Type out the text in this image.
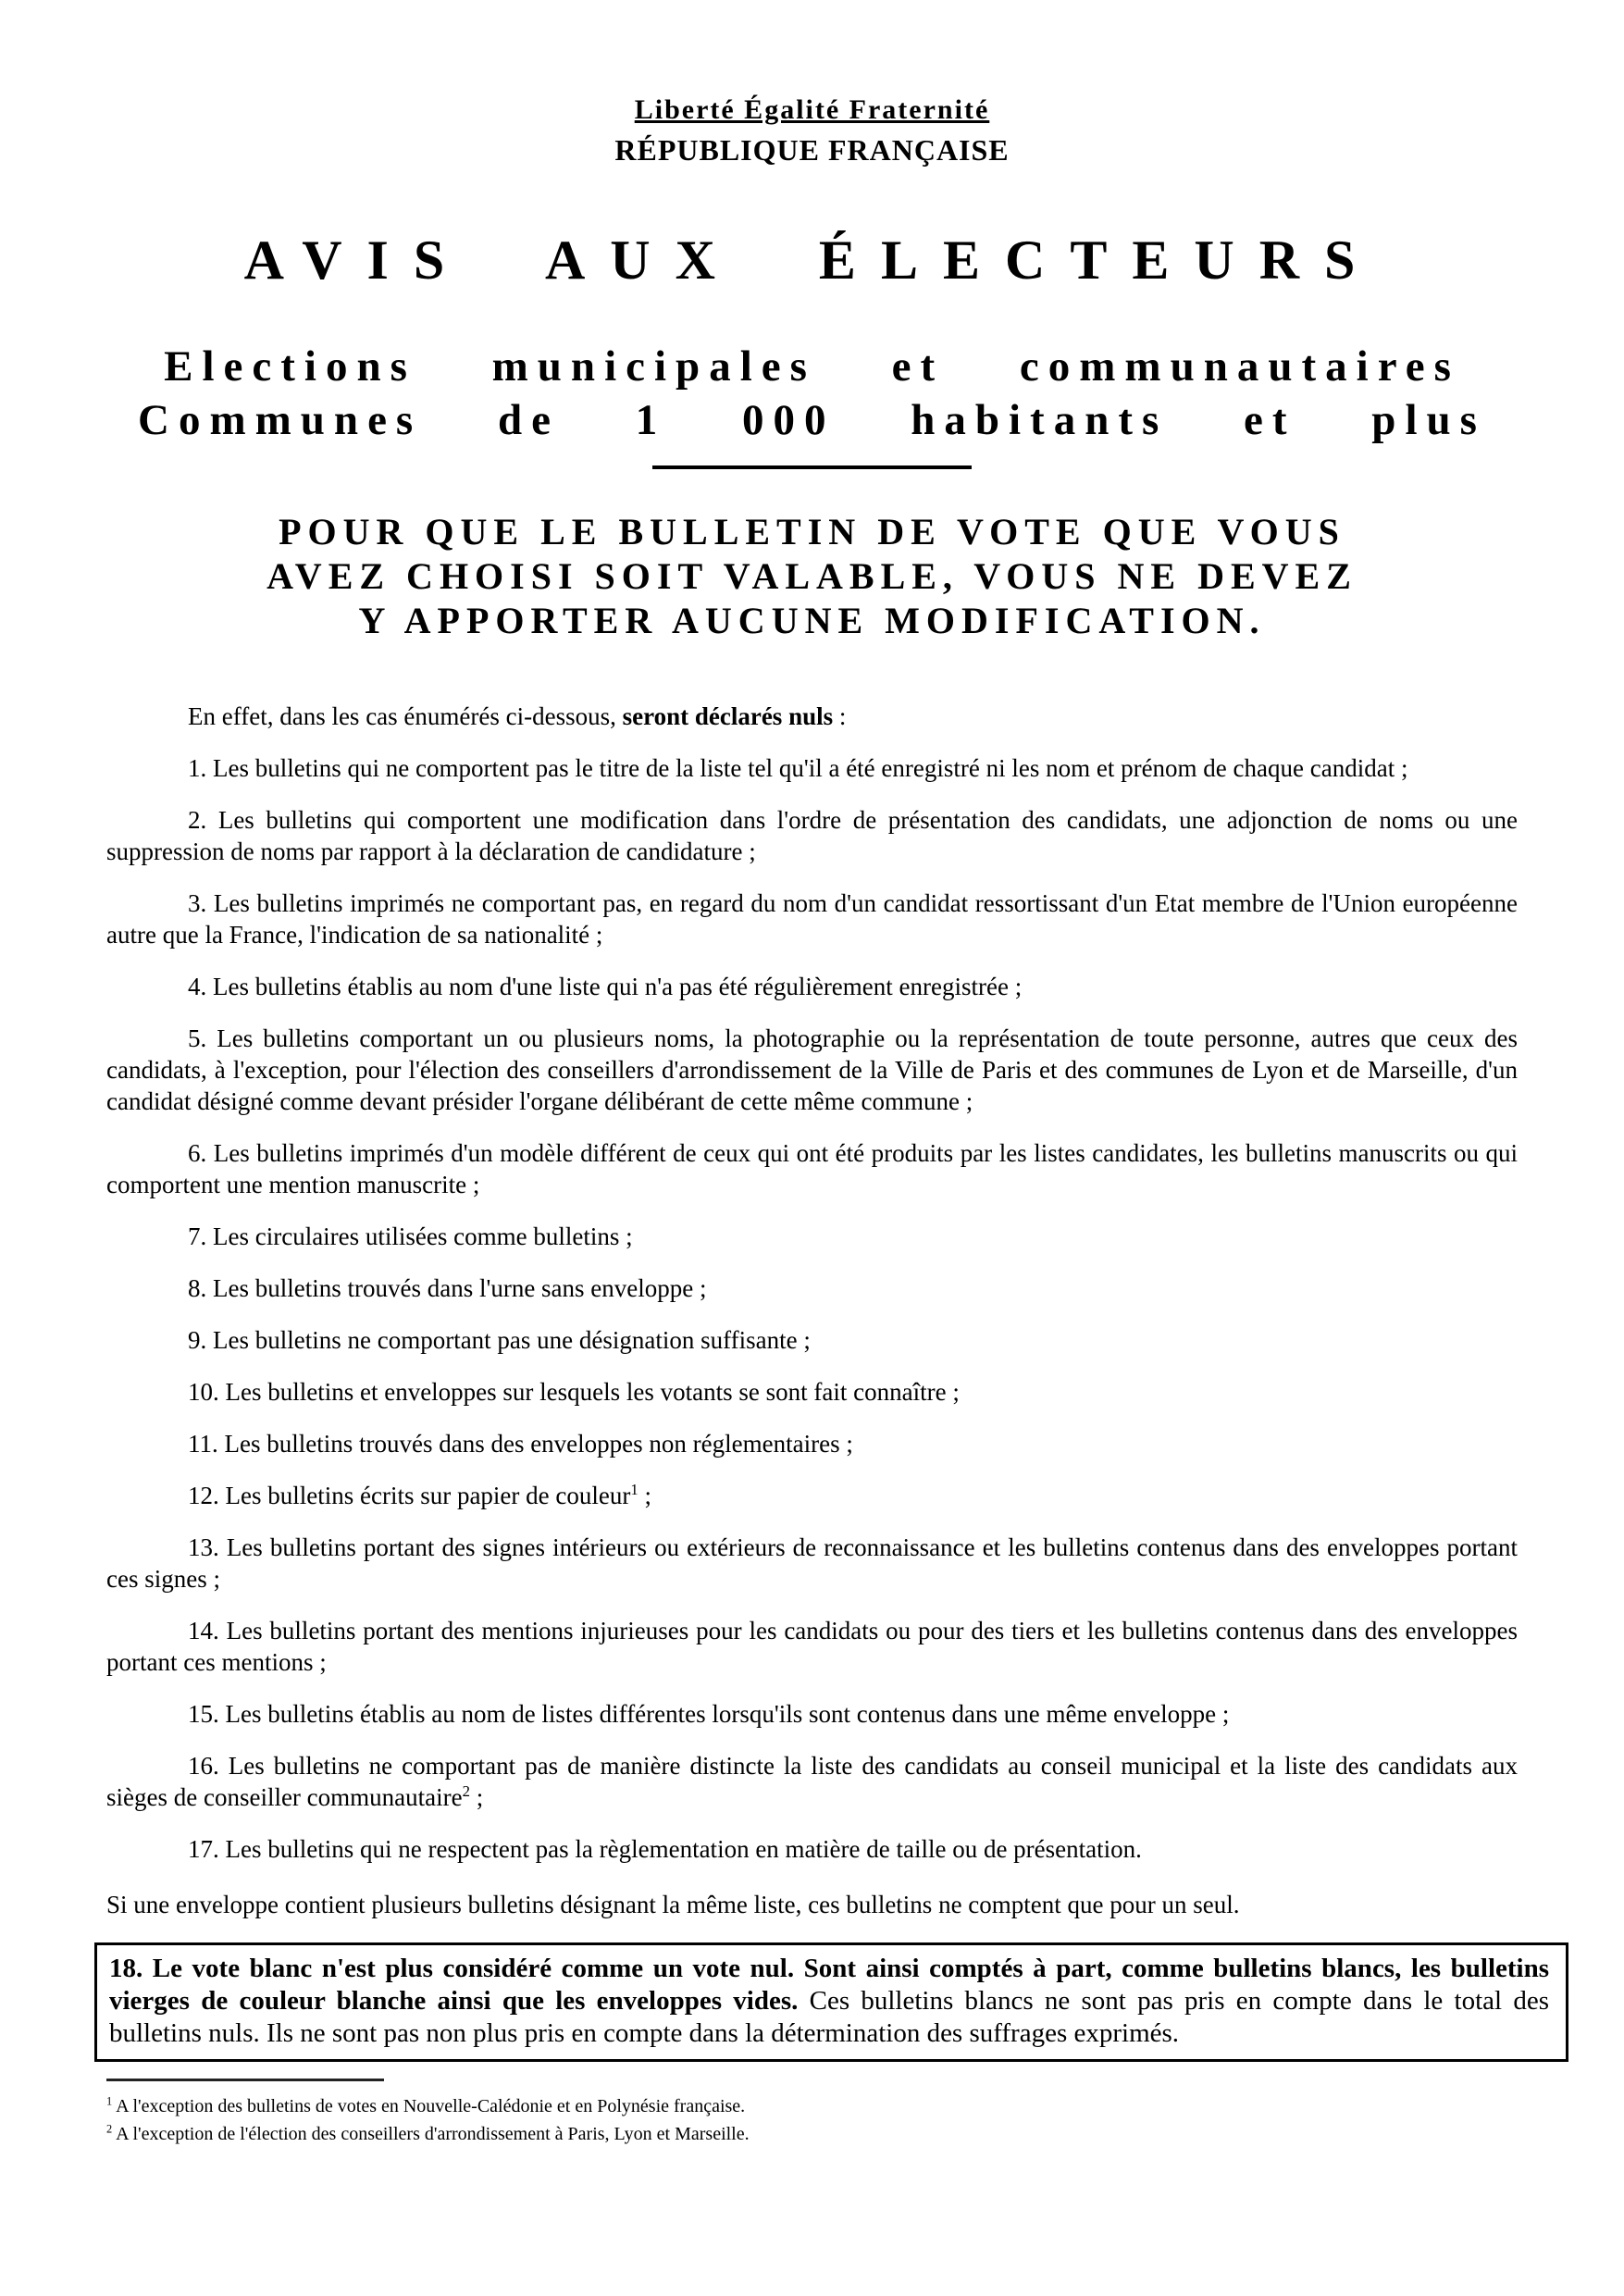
Liberté Égalité Fraternité
RÉPUBLIQUE FRANÇAISE
AVIS AUX ÉLECTEURS
Elections municipales et communautaires
Communes de 1 000 habitants et plus
POUR QUE LE BULLETIN DE VOTE QUE VOUS
AVEZ CHOISI SOIT VALABLE, VOUS NE DEVEZ
Y APPORTER AUCUNE MODIFICATION.

En effet, dans les cas énumérés ci-dessous, seront déclarés nuls :

1. Les bulletins qui ne comportent pas le titre de la liste tel qu'il a été enregistré ni les nom et prénom de chaque candidat ;

2. Les bulletins qui comportent une modification dans l'ordre de présentation des candidats, une adjonction de noms ou une suppression de noms par rapport à la déclaration de candidature ;

3. Les bulletins imprimés ne comportant pas, en regard du nom d'un candidat ressortissant d'un Etat membre de l'Union européenne autre que la France, l'indication de sa nationalité ;

4. Les bulletins établis au nom d'une liste qui n'a pas été régulièrement enregistrée ;

5. Les bulletins comportant un ou plusieurs noms, la photographie ou la représentation de toute personne, autres que ceux des candidats, à l'exception, pour l'élection des conseillers d'arrondissement de la Ville de Paris et des communes de Lyon et de Marseille, d'un candidat désigné comme devant présider l'organe délibérant de cette même commune ;

6. Les bulletins imprimés d'un modèle différent de ceux qui ont été produits par les listes candidates, les bulletins manuscrits ou qui comportent une mention manuscrite ;

7. Les circulaires utilisées comme bulletins ;

8. Les bulletins trouvés dans l'urne sans enveloppe ;

9. Les bulletins ne comportant pas une désignation suffisante ;

10. Les bulletins et enveloppes sur lesquels les votants se sont fait connaître ;

11. Les bulletins trouvés dans des enveloppes non réglementaires ;

12. Les bulletins écrits sur papier de couleur$^1$ ;

13. Les bulletins portant des signes intérieurs ou extérieurs de reconnaissance et les bulletins contenus dans des enveloppes portant ces signes ;

14. Les bulletins portant des mentions injurieuses pour les candidats ou pour des tiers et les bulletins contenus dans des enveloppes portant ces mentions ;

15. Les bulletins établis au nom de listes différentes lorsqu'ils sont contenus dans une même enveloppe ;

16. Les bulletins ne comportant pas de manière distincte la liste des candidats au conseil municipal et la liste des candidats aux sièges de conseiller communautaire$^2$ ;

17. Les bulletins qui ne respectent pas la règlementation en matière de taille ou de présentation.

Si une enveloppe contient plusieurs bulletins désignant la même liste, ces bulletins ne comptent que pour un seul.

18. Le vote blanc n'est plus considéré comme un vote nul. Sont ainsi comptés à part, comme bulletins blancs, les bulletins vierges de couleur blanche ainsi que les enveloppes vides. Ces bulletins blancs ne sont pas pris en compte dans le total des bulletins nuls. Ils ne sont pas non plus pris en compte dans la détermination des suffrages exprimés.

$^1$ A l'exception des bulletins de votes en Nouvelle-Calédonie et en Polynésie française.

$^2$ A l'exception de l'élection des conseillers d'arrondissement à Paris, Lyon et Marseille.
